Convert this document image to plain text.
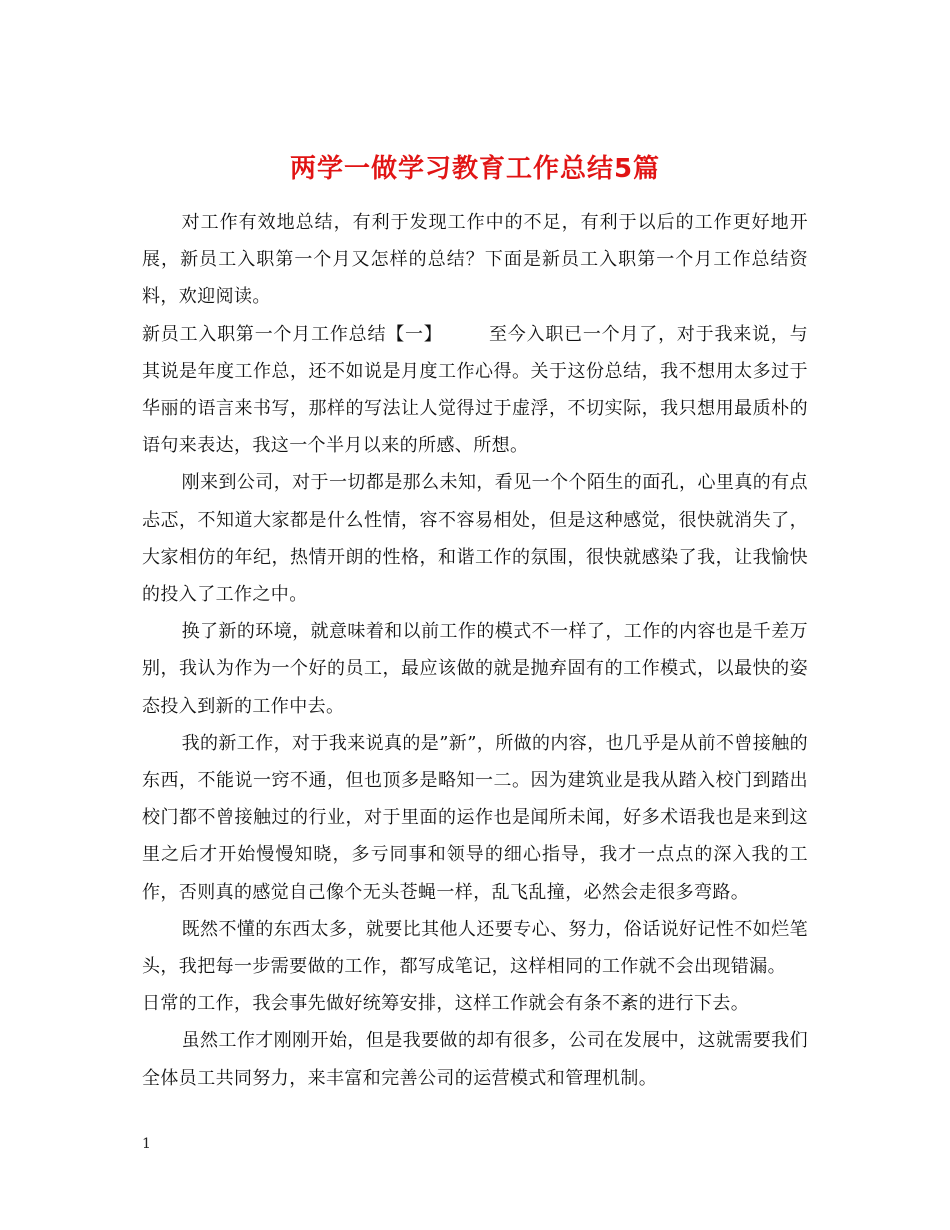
两学一做学习教育工作总结5篇

对工作有效地总结，有利于发现工作中的不足，有利于以后的工作更好地开展，新员工入职第一个月又怎样的总结？下面是新员工入职第一个月工作总结资料，欢迎阅读。

新员工入职第一个月工作总结【一】	至今入职已一个月了，对于我来说，与其说是年度工作总，还不如说是月度工作心得。关于这份总结，我不想用太多过于华丽的语言来书写，那样的写法让人觉得过于虚浮，不切实际，我只想用最质朴的语句来表达，我这一个半月以来的所感、所想。

刚来到公司，对于一切都是那么未知，看见一个个陌生的面孔，心里真的有点忐忑，不知道大家都是什么性情，容不容易相处，但是这种感觉，很快就消失了，大家相仿的年纪，热情开朗的性格，和谐工作的氛围，很快就感染了我，让我愉快的投入了工作之中。

换了新的环境，就意味着和以前工作的模式不一样了，工作的内容也是千差万别，我认为作为一个好的员工，最应该做的就是抛弃固有的工作模式，以最快的姿态投入到新的工作中去。

我的新工作，对于我来说真的是”新”，所做的内容，也几乎是从前不曾接触的东西，不能说一窍不通，但也顶多是略知一二。因为建筑业是我从踏入校门到踏出校门都不曾接触过的行业，对于里面的运作也是闻所未闻，好多术语我也是来到这里之后才开始慢慢知晓，多亏同事和领导的细心指导，我才一点点的深入我的工作，否则真的感觉自己像个无头苍蝇一样，乱飞乱撞，必然会走很多弯路。

既然不懂的东西太多，就要比其他人还要专心、努力，俗话说好记性不如烂笔头，我把每一步需要做的工作，都写成笔记，这样相同的工作就不会出现错漏。

日常的工作，我会事先做好统筹安排，这样工作就会有条不紊的进行下去。

虽然工作才刚刚开始，但是我要做的却有很多，公司在发展中，这就需要我们全体员工共同努力，来丰富和完善公司的运营模式和管理机制。

1
